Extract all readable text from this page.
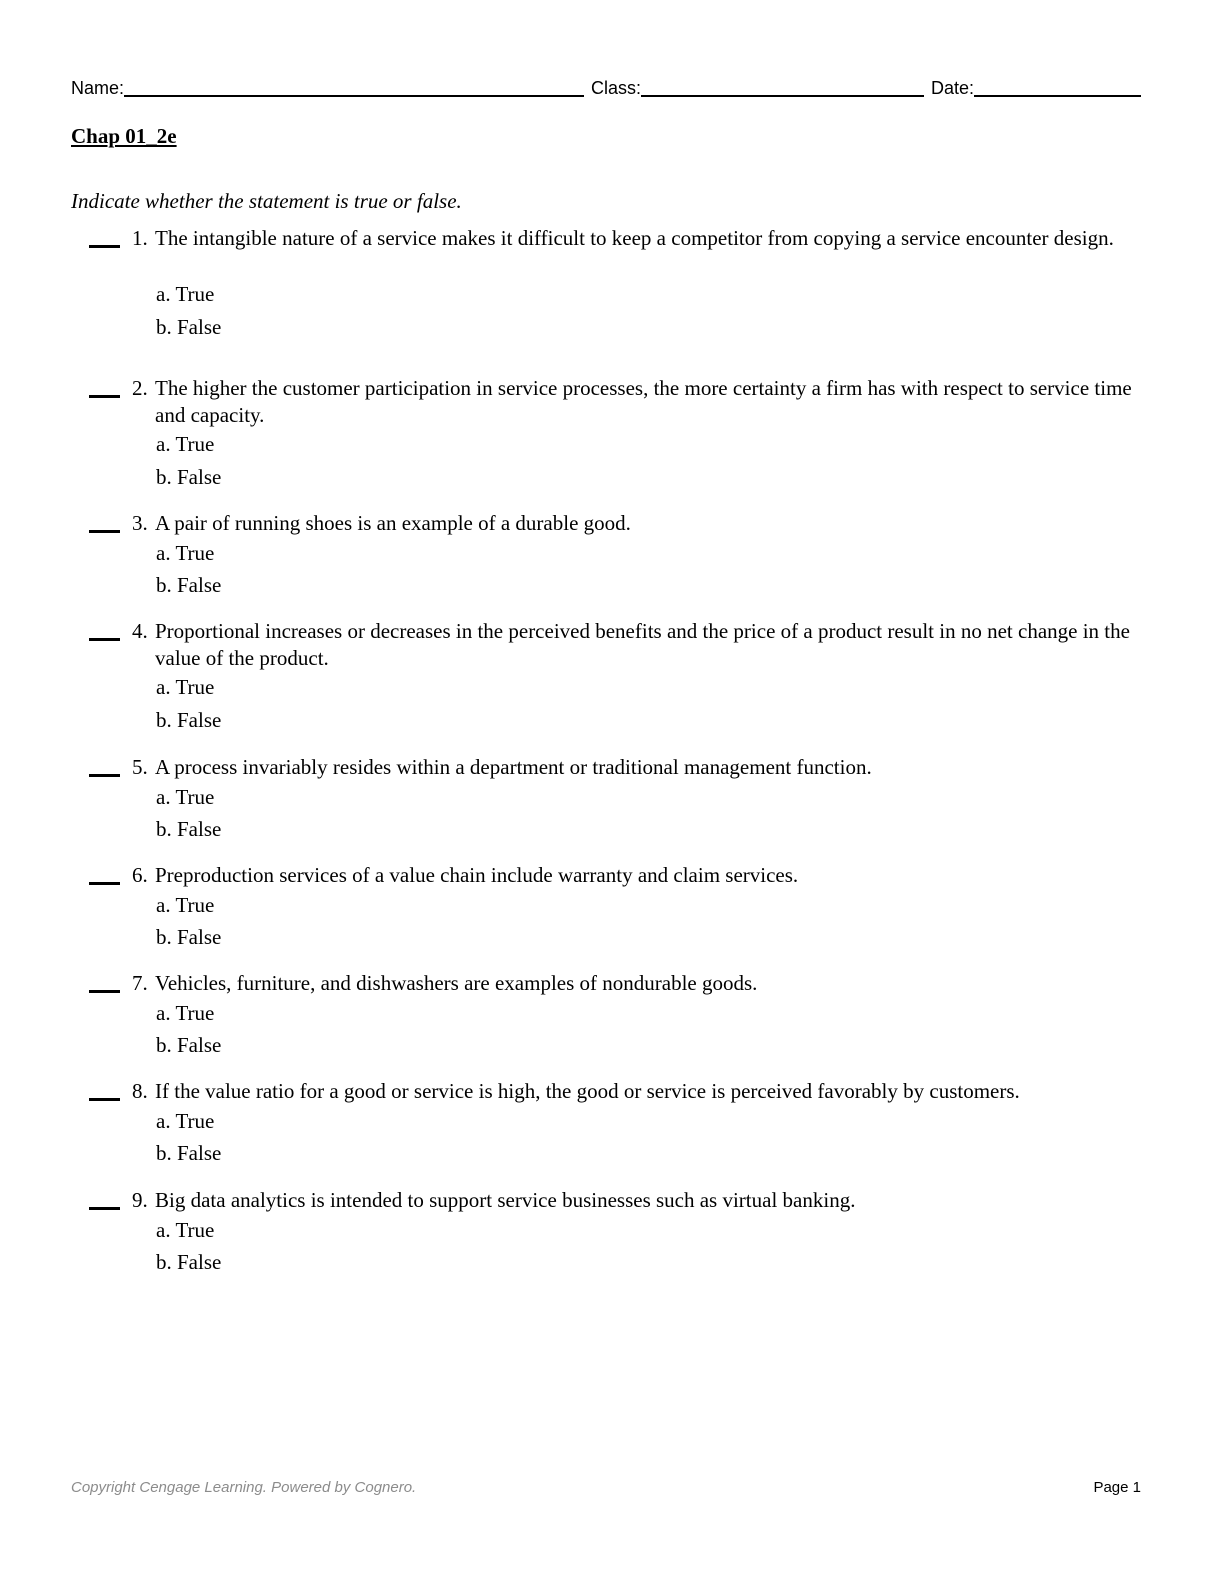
Name:	Class:	Date:
Chap 01_2e
Indicate whether the statement is true or false.
1. The intangible nature of a service makes it difficult to keep a competitor from copying a service encounter design.
a. True
b. False
2. The higher the customer participation in service processes, the more certainty a firm has with respect to service time and capacity.
a. True
b. False
3. A pair of running shoes is an example of a durable good.
a. True
b. False
4. Proportional increases or decreases in the perceived benefits and the price of a product result in no net change in the value of the product.
a. True
b. False
5. A process invariably resides within a department or traditional management function.
a. True
b. False
6. Preproduction services of a value chain include warranty and claim services.
a. True
b. False
7. Vehicles, furniture, and dishwashers are examples of nondurable goods.
a. True
b. False
8. If the value ratio for a good or service is high, the good or service is perceived favorably by customers.
a. True
b. False
9. Big data analytics is intended to support service businesses such as virtual banking.
a. True
b. False
Copyright Cengage Learning. Powered by Cognero.	Page 1
